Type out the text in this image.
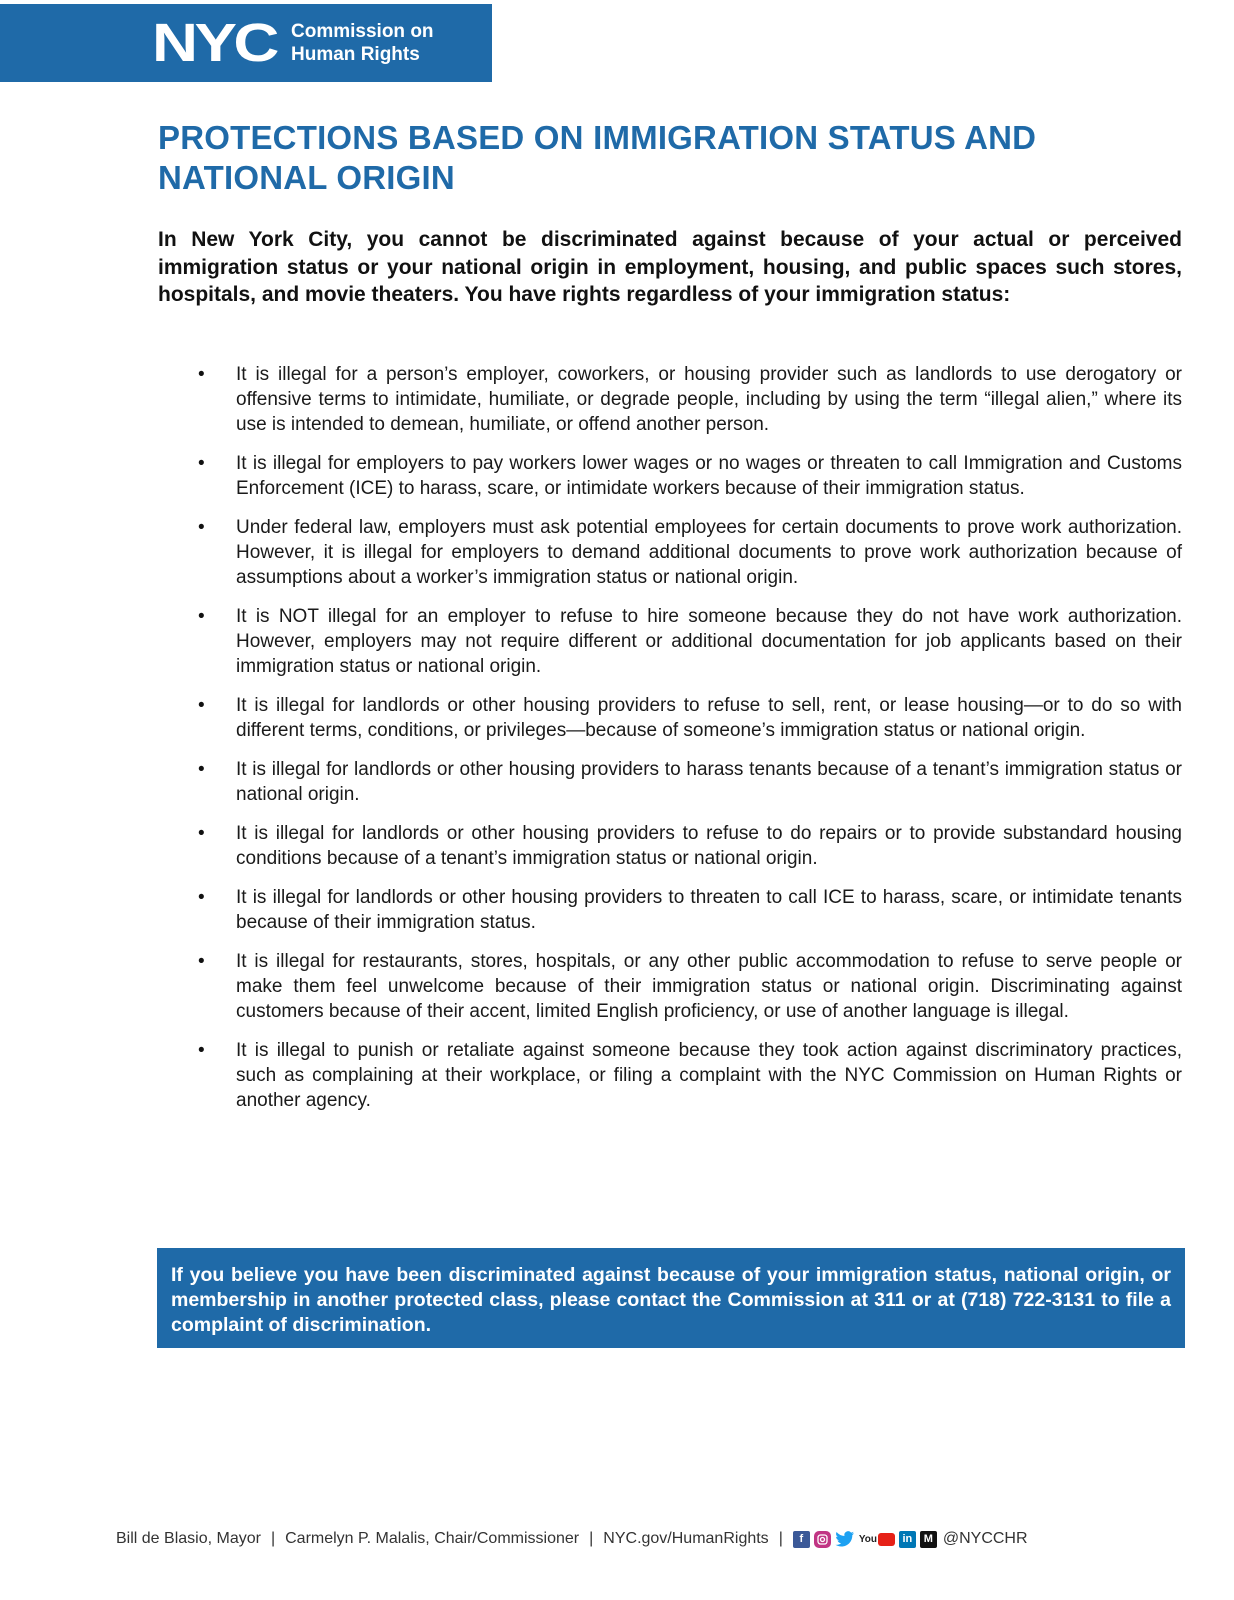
NYC Commission on
Human Rights
PROTECTIONS BASED ON IMMIGRATION STATUS AND NATIONAL ORIGIN

In New York City, you cannot be discriminated against because of your actual or perceived immigration status or your national origin in employment, housing, and public spaces such stores, hospitals, and movie theaters. You have rights regardless of your immigration status:

• It is illegal for a person’s employer, coworkers, or housing provider such as landlords to use derogatory or offensive terms to intimidate, humiliate, or degrade people, including by using the term “illegal alien,” where its use is intended to demean, humiliate, or offend another person.
• It is illegal for employers to pay workers lower wages or no wages or threaten to call Immigration and Customs Enforcement (ICE) to harass, scare, or intimidate workers because of their immigration status.
• Under federal law, employers must ask potential employees for certain documents to prove work authorization. However, it is illegal for employers to demand additional documents to prove work authorization because of assumptions about a worker’s immigration status or national origin.
• It is NOT illegal for an employer to refuse to hire someone because they do not have work authorization. However, employers may not require different or additional documentation for job applicants based on their immigration status or national origin.
• It is illegal for landlords or other housing providers to refuse to sell, rent, or lease housing—or to do so with different terms, conditions, or privileges—because of someone’s immigration status or national origin.
• It is illegal for landlords or other housing providers to harass tenants because of a tenant’s immigration status or national origin.
• It is illegal for landlords or other housing providers to refuse to do repairs or to provide substandard housing conditions because of a tenant’s immigration status or national origin.
• It is illegal for landlords or other housing providers to threaten to call ICE to harass, scare, or intimidate tenants because of their immigration status.
• It is illegal for restaurants, stores, hospitals, or any other public accommodation to refuse to serve people or make them feel unwelcome because of their immigration status or national origin. Discriminating against customers because of their accent, limited English proficiency, or use of another language is illegal.
• It is illegal to punish or retaliate against someone because they took action against discriminatory practices, such as complaining at their workplace, or filing a complaint with the NYC Commission on Human Rights or another agency.

If you believe you have been discriminated against because of your immigration status, national origin, or membership in another protected class, please contact the Commission at 311 or at (718) 722-3131 to file a complaint of discrimination.

Bill de Blasio, Mayor | Carmelyn P. Malalis, Chair/Commissioner | NYC.gov/HumanRights |	f	You	in	M @NYCCHR
